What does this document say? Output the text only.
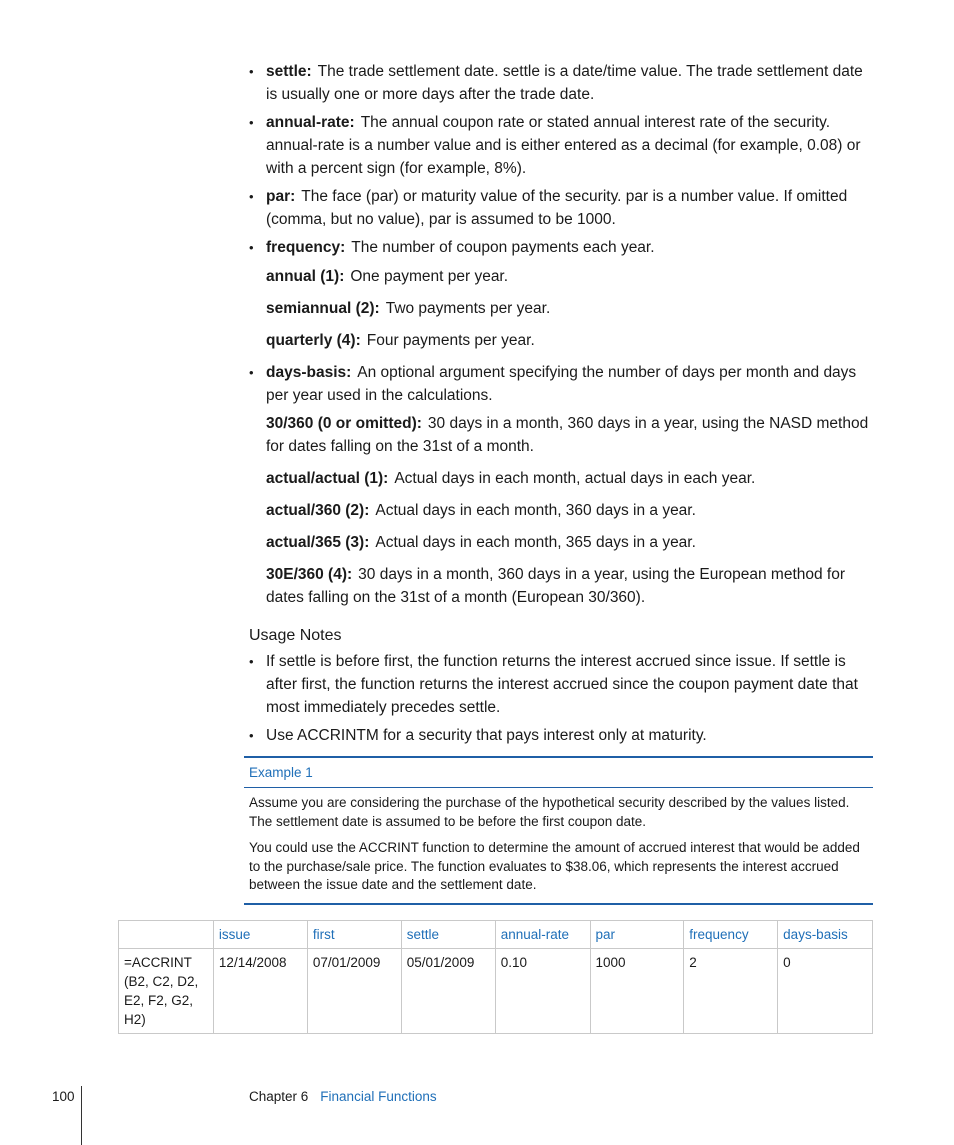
• settle: The trade settlement date. settle is a date/time value. The trade settlement date is usually one or more days after the trade date.
• annual-rate: The annual coupon rate or stated annual interest rate of the security. annual-rate is a number value and is either entered as a decimal (for example, 0.08) or with a percent sign (for example, 8%).
• par: The face (par) or maturity value of the security. par is a number value. If omitted (comma, but no value), par is assumed to be 1000.
• frequency: The number of coupon payments each year.
annual (1): One payment per year.
semiannual (2): Two payments per year.
quarterly (4): Four payments per year.
• days-basis: An optional argument specifying the number of days per month and days per year used in the calculations.
30/360 (0 or omitted): 30 days in a month, 360 days in a year, using the NASD method for dates falling on the 31st of a month.
actual/actual (1): Actual days in each month, actual days in each year.
actual/360 (2): Actual days in each month, 360 days in a year.
actual/365 (3): Actual days in each month, 365 days in a year.
30E/360 (4): 30 days in a month, 360 days in a year, using the European method for dates falling on the 31st of a month (European 30/360).
Usage Notes
• If settle is before first, the function returns the interest accrued since issue. If settle is after first, the function returns the interest accrued since the coupon payment date that most immediately precedes settle.
• Use ACCRINTM for a security that pays interest only at maturity.
Example 1

Assume you are considering the purchase of the hypothetical security described by the values listed. The settlement date is assumed to be before the first coupon date.

You could use the ACCRINT function to determine the amount of accrued interest that would be added to the purchase/sale price. The function evaluates to $38.06, which represents the interest accrued between the issue date and the settlement date.

	issue	first	settle	annual-rate	par	frequency	days-basis
=ACCRINT (B2, C2, D2, E2, F2, G2, H2)	12/14/2008	07/01/2009	05/01/2009	0.10	1000	2	0
100	Chapter 6 Financial Functions
